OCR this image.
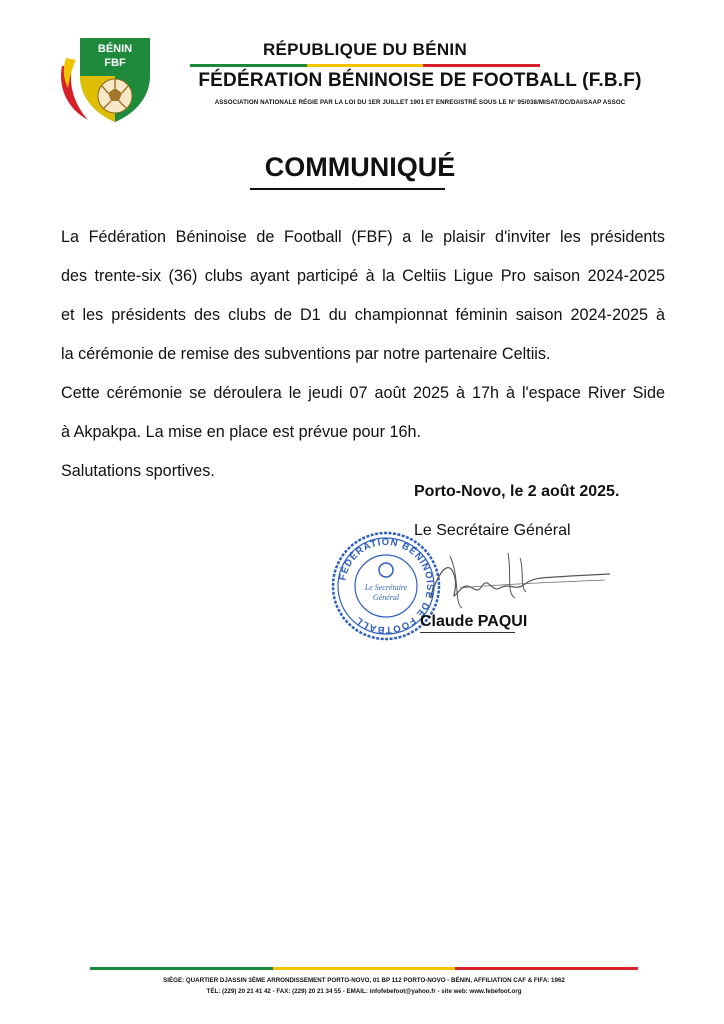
BÉNIN
FBF
RÉPUBLIQUE DU BÉNIN
FÉDÉRATION BÉNINOISE DE FOOTBALL (F.B.F)
ASSOCIATION NATIONALE RÉGIE PAR LA LOI DU 1ER JUILLET 1901 ET ENREGISTRÉ SOUS LE N° 95/038/MISAT/DC/DAI/SAAP ASSOC
COMMUNIQUÉ

La Fédération Béninoise de Football (FBF) a le plaisir d'inviter les présidents

des trente-six (36) clubs ayant participé à la Celtiis Ligue Pro saison 2024-2025

et les présidents des clubs de D1 du championnat féminin saison 2024-2025 à

la cérémonie de remise des subventions par notre partenaire Celtiis.

Cette cérémonie se déroulera le jeudi 07 août 2025 à 17h à l'espace River Side

à Akpakpa. La mise en place est prévue pour 16h.

Salutations sportives.

Porto-Novo, le 2 août 2025.
Le Secrétaire Général
FÉDÉRATION BÉNINOISE DE FOOTBALL
Le Secrétaire
Général
Claude PAQUI
SIÈGE: QUARTIER DJASSIN 3ÈME ARRONDISSEMENT PORTO-NOVO, 01 BP 112 PORTO-NOVO - BÉNIN, AFFILIATION CAF & FIFA: 1962
TÉL: (229) 20 21 41 42 - FAX: (229) 20 21 34 55 - EMAIL: infofebefoot@yahoo.fr - site web: www.febefoot.org
